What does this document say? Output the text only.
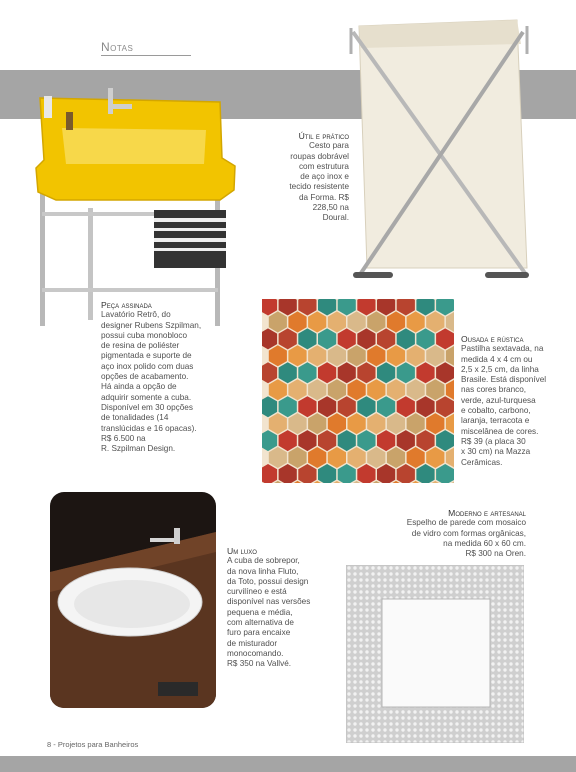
Notas
Útil e prático
Cesto para
roupas dobrável
com estrutura
de aço inox e
tecido resistente
da Forma. R$
228,50 na
Doural.
Peça assinada
Lavatório Retrô, do
designer Rubens Szpilman,
possui cuba monobloco
de resina de poliéster
pigmentada e suporte de
aço inox polido com duas
opções de acabamento.
Há ainda a opção de
adquirir somente a cuba.
Disponível em 30 opções
de tonalidades (14
translúcidas e 16 opacas).
R$ 6.500 na
R. Szpilman Design.
Ousada e rústica
Pastilha sextavada, na
medida 4 x 4 cm ou
2,5 x 2,5 cm, da linha
Brasile. Está disponível
nas cores branco,
verde, azul-turquesa
e cobalto, carbono,
laranja, terracota e
miscelânea de cores.
R$ 39 (a placa 30
x 30 cm) na Mazza
Cerâmicas.
Moderno e artesanal
Espelho de parede com mosaico
de vidro com formas orgânicas,
na medida 60 x 60 cm.
R$ 300 na Oren.
Um luxo
A cuba de sobrepor,
da nova linha Fluto,
da Toto, possui design
curvilíneo e está
disponível nas versões
pequena e média,
com alternativa de
furo para encaixe
de misturador
monocomando.
R$ 350 na Vallvé.
8 - Projetos para Banheiros
